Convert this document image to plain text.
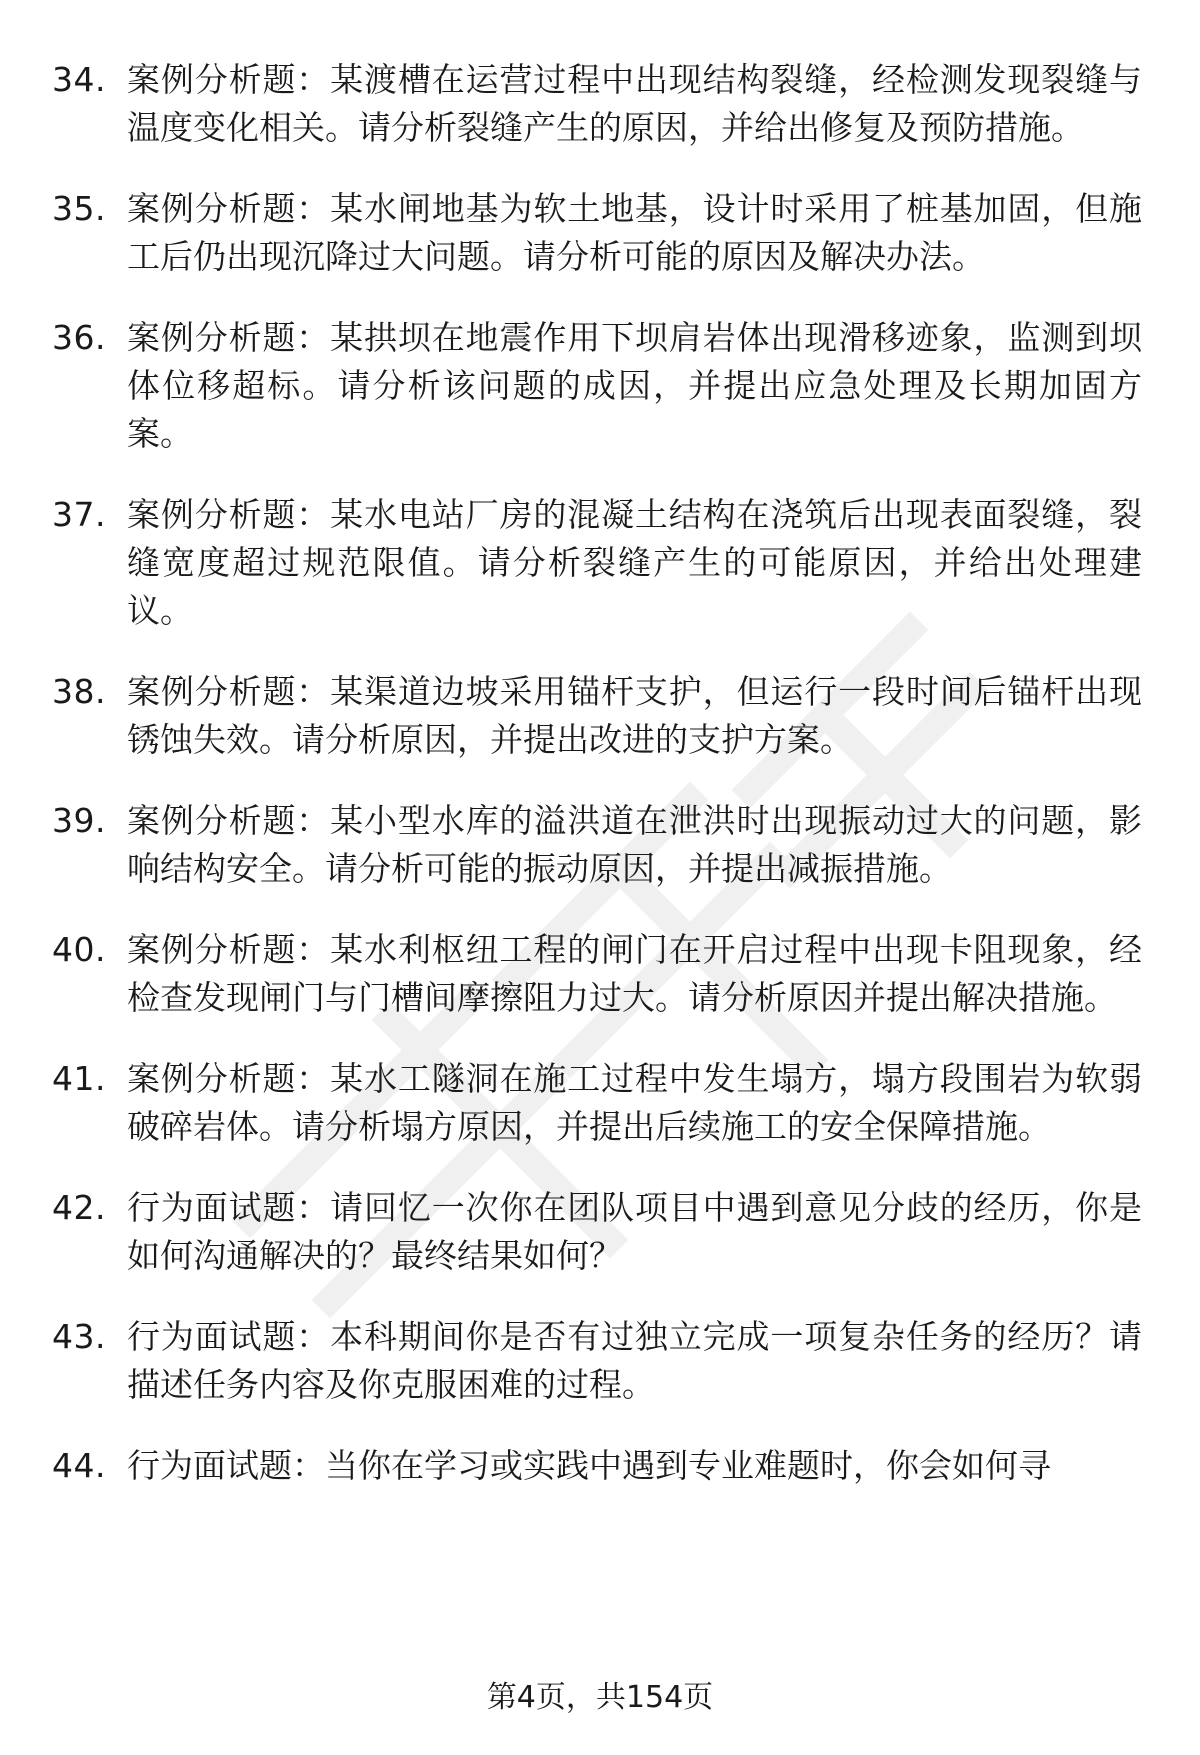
34. 案例分析题：某渡槽在运营过程中出现结构裂缝，经检测发现裂缝与温度变化相关。请分析裂缝产生的原因，并给出修复及预防措施。
35. 案例分析题：某水闸地基为软土地基，设计时采用了桩基加固，但施工后仍出现沉降过大问题。请分析可能的原因及解决办法。
36. 案例分析题：某拱坝在地震作用下坝肩岩体出现滑移迹象，监测到坝体位移超标。请分析该问题的成因，并提出应急处理及长期加固方案。
37. 案例分析题：某水电站厂房的混凝土结构在浇筑后出现表面裂缝，裂缝宽度超过规范限值。请分析裂缝产生的可能原因，并给出处理建议。
38. 案例分析题：某渠道边坡采用锚杆支护，但运行一段时间后锚杆出现锈蚀失效。请分析原因，并提出改进的支护方案。
39. 案例分析题：某小型水库的溢洪道在泄洪时出现振动过大的问题，影响结构安全。请分析可能的振动原因，并提出减振措施。
40. 案例分析题：某水利枢纽工程的闸门在开启过程中出现卡阻现象，经检查发现闸门与门槽间摩擦阻力过大。请分析原因并提出解决措施。
41. 案例分析题：某水工隧洞在施工过程中发生塌方，塌方段围岩为软弱破碎岩体。请分析塌方原因，并提出后续施工的安全保障措施。
42. 行为面试题：请回忆一次你在团队项目中遇到意见分歧的经历，你是如何沟通解决的？最终结果如何？
43. 行为面试题：本科期间你是否有过独立完成一项复杂任务的经历？请描述任务内容及你克服困难的过程。
44. 行为面试题：当你在学习或实践中遇到专业难题时，你会如何寻
第4页，共154页
